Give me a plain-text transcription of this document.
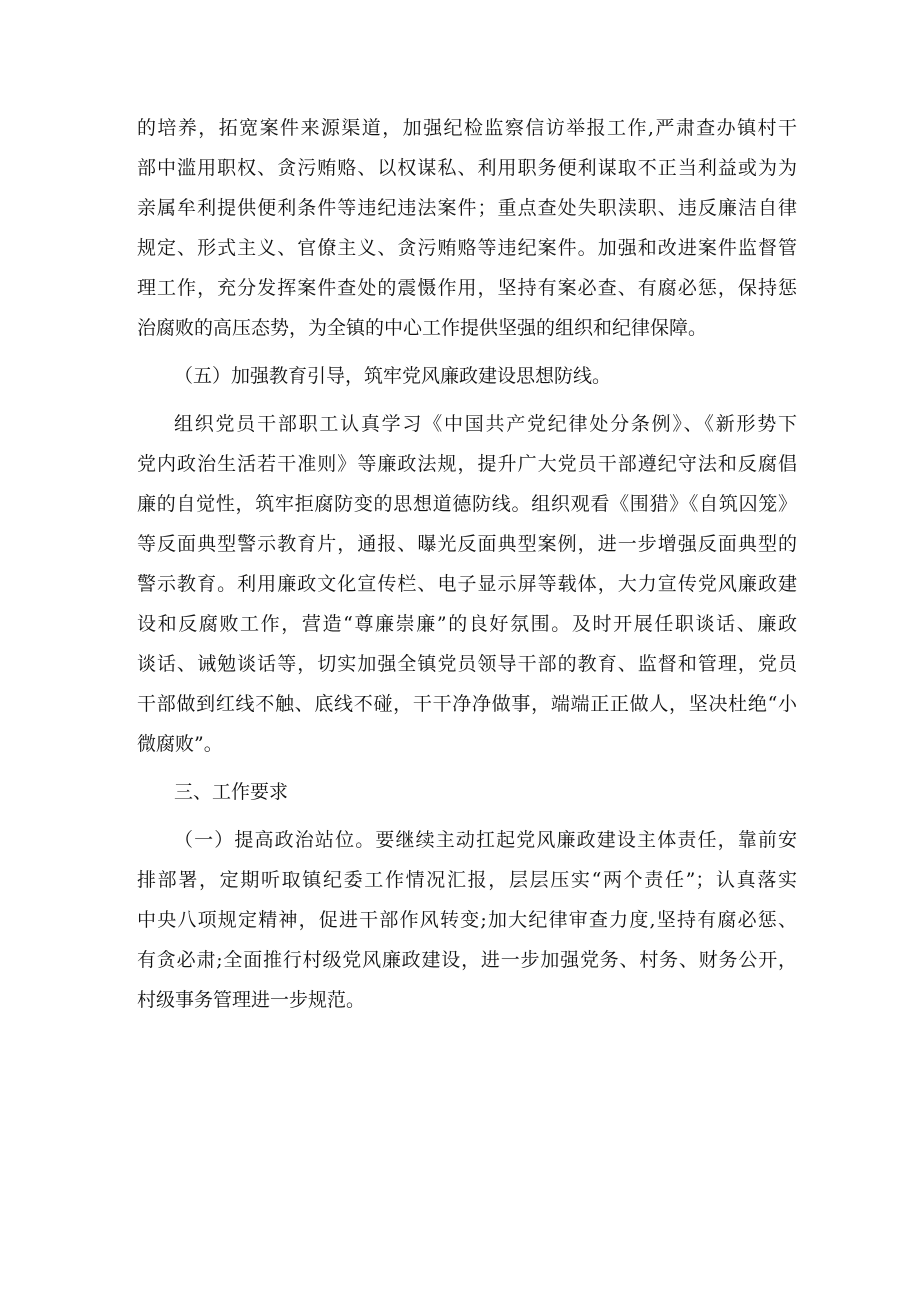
的培养，拓宽案件来源渠道，加强纪检监察信访举报工作,严肃查办镇村干
部中滥用职权、贪污贿赂、以权谋私、利用职务便利谋取不正当利益或为为
亲属牟利提供便利条件等违纪违法案件；重点查处失职渎职、违反廉洁自律
规定、形式主义、官僚主义、贪污贿赂等违纪案件。加强和改进案件监督管
理工作，充分发挥案件查处的震慑作用，坚持有案必查、有腐必惩，保持惩
治腐败的高压态势，为全镇的中心工作提供坚强的组织和纪律保障。
（五）加强教育引导，筑牢党风廉政建设思想防线。
组织党员干部职工认真学习《中国共产党纪律处分条例》、《新形势下
党内政治生活若干准则》等廉政法规，提升广大党员干部遵纪守法和反腐倡
廉的自觉性，筑牢拒腐防变的思想道德防线。组织观看《围猎》《自筑囚笼》
等反面典型警示教育片，通报、曝光反面典型案例，进一步增强反面典型的
警示教育。利用廉政文化宣传栏、电子显示屏等载体，大力宣传党风廉政建
设和反腐败工作，营造“尊廉崇廉”的良好氛围。及时开展任职谈话、廉政
谈话、诫勉谈话等，切实加强全镇党员领导干部的教育、监督和管理，党员
干部做到红线不触、底线不碰，干干净净做事，端端正正做人，坚决杜绝“小
微腐败”。
三、工作要求
（一）提高政治站位。要继续主动扛起党风廉政建设主体责任，靠前安
排部署，定期听取镇纪委工作情况汇报，层层压实“两个责任”；认真落实
中央八项规定精神，促进干部作风转变;加大纪律审查力度,坚持有腐必惩、
有贪必肃;全面推行村级党风廉政建设，进一步加强党务、村务、财务公开，
村级事务管理进一步规范。
